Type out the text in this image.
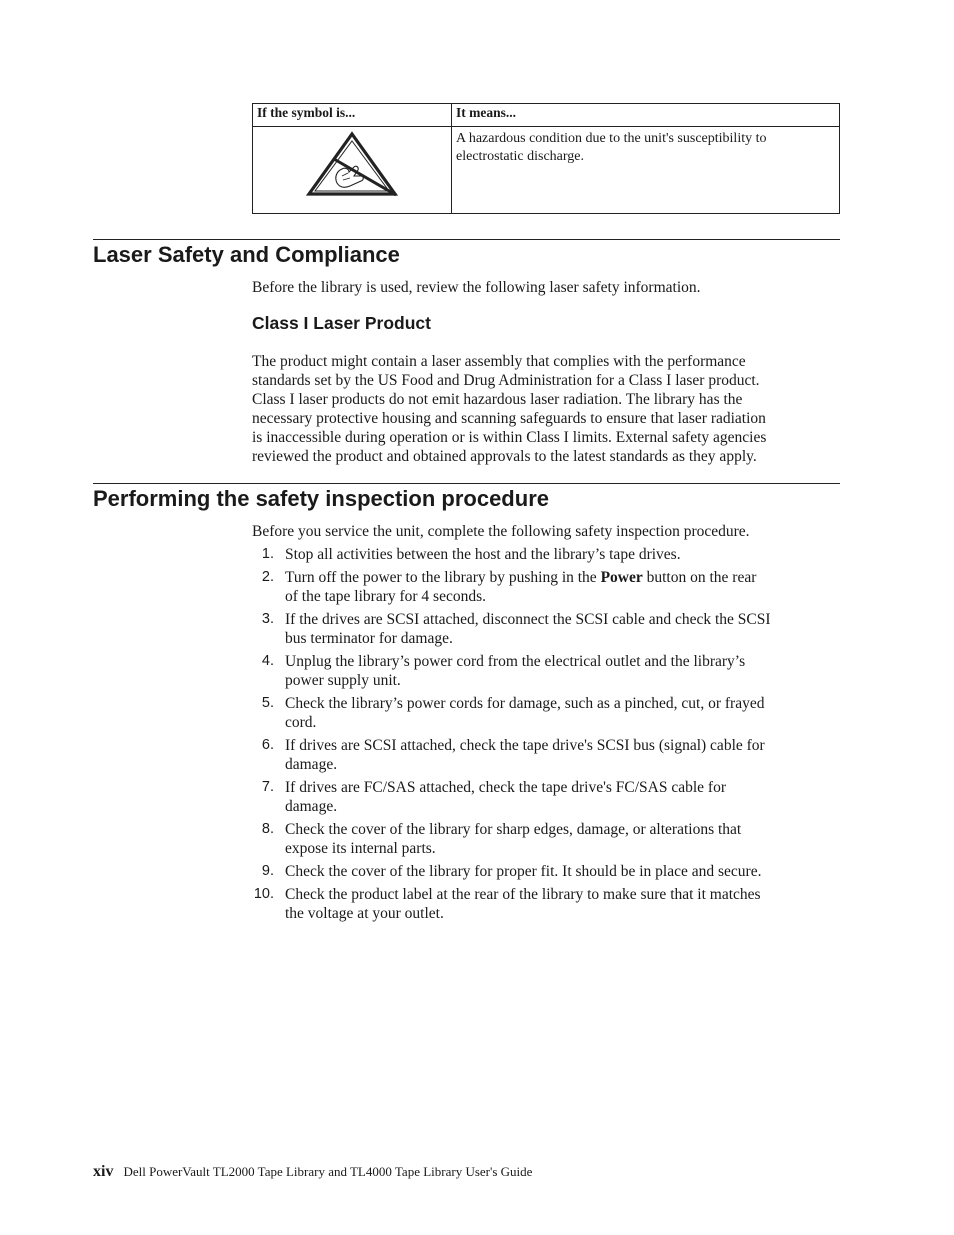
If the symbol is...	It means...

A hazardous condition due to the unit's susceptibility to
electrostatic discharge.
Laser Safety and Compliance

Before the library is used, review the following laser safety information.

Class I Laser Product

The product might contain a laser assembly that complies with the performance
standards set by the US Food and Drug Administration for a Class I laser product.
Class I laser products do not emit hazardous laser radiation. The library has the
necessary protective housing and scanning safeguards to ensure that laser radiation
is inaccessible during operation or is within Class I limits. External safety agencies
reviewed the product and obtained approvals to the latest standards as they apply.

Performing the safety inspection procedure

Before you service the unit, complete the following safety inspection procedure.

1. Stop all activities between the host and the library’s tape drives.
2. Turn off the power to the library by pushing in the Power button on the rear
of the tape library for 4 seconds.
3. If the drives are SCSI attached, disconnect the SCSI cable and check the SCSI
bus terminator for damage.
4. Unplug the library’s power cord from the electrical outlet and the library’s
power supply unit.
5. Check the library’s power cords for damage, such as a pinched, cut, or frayed
cord.
6. If drives are SCSI attached, check the tape drive's SCSI bus (signal) cable for
damage.
7. If drives are FC/SAS attached, check the tape drive's FC/SAS cable for
damage.
8. Check the cover of the library for sharp edges, damage, or alterations that
expose its internal parts.
9. Check the cover of the library for proper fit. It should be in place and secure.
10. Check the product label at the rear of the library to make sure that it matches
the voltage at your outlet.
xiv Dell PowerVault TL2000 Tape Library and TL4000 Tape Library User's Guide
